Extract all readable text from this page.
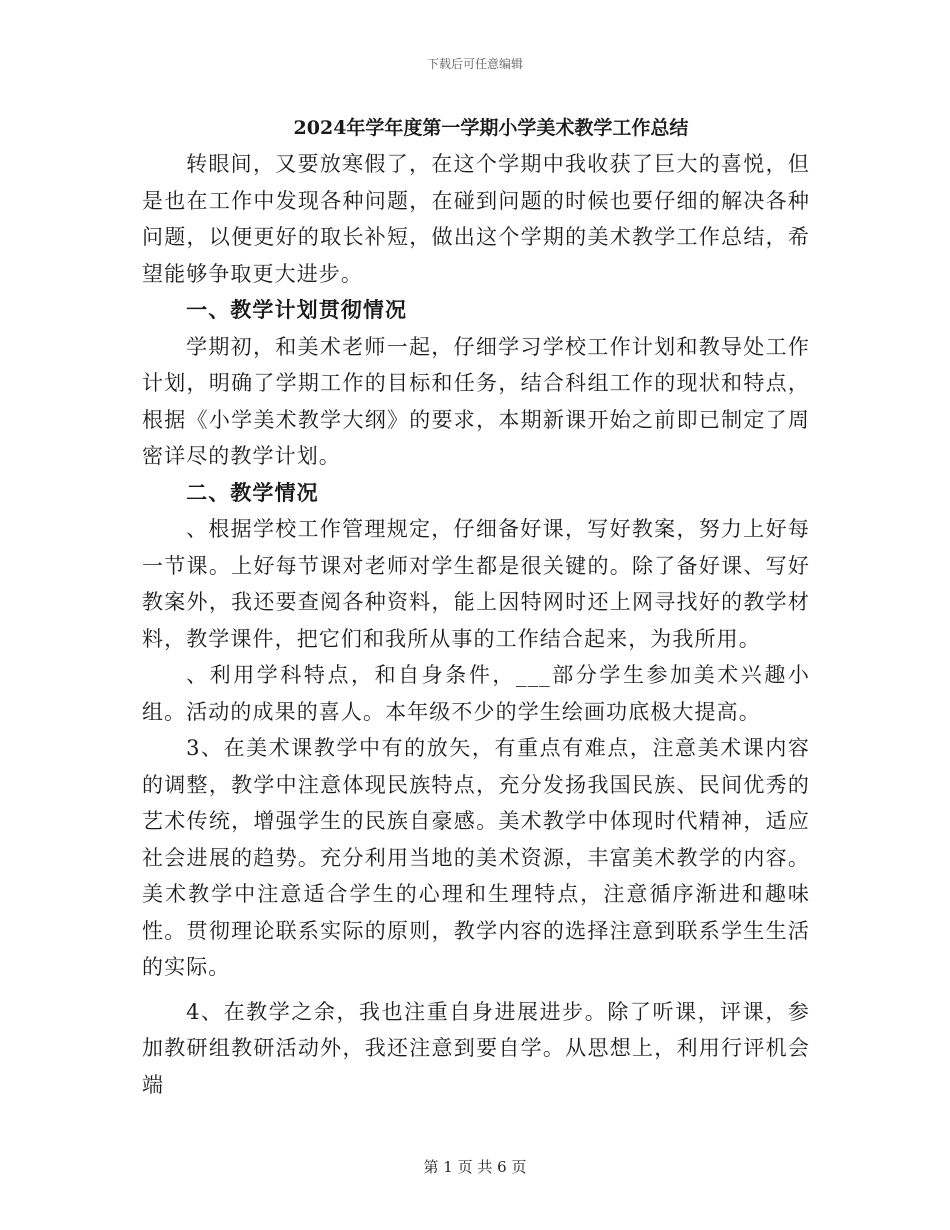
下载后可任意编辑
2024年学年度第一学期小学美术教学工作总结

转眼间，又要放寒假了，在这个学期中我收获了巨大的喜悦，但是也在工作中发现各种问题，在碰到问题的时候也要仔细的解决各种问题，以便更好的取长补短，做出这个学期的美术教学工作总结，希望能够争取更大进步。

一、教学计划贯彻情况

学期初，和美术老师一起，仔细学习学校工作计划和教导处工作计划，明确了学期工作的目标和任务，结合科组工作的现状和特点，根据《小学美术教学大纲》的要求，本期新课开始之前即已制定了周密详尽的教学计划。

二、教学情况

、根据学校工作管理规定，仔细备好课，写好教案，努力上好每一节课。上好每节课对老师对学生都是很关键的。除了备好课、写好教案外，我还要查阅各种资料，能上因特网时还上网寻找好的教学材料，教学课件，把它们和我所从事的工作结合起来，为我所用。

、利用学科特点，和自身条件，___部分学生参加美术兴趣小组。活动的成果的喜人。本年级不少的学生绘画功底极大提高。

3、在美术课教学中有的放矢，有重点有难点，注意美术课内容的调整，教学中注意体现民族特点，充分发扬我国民族、民间优秀的艺术传统，增强学生的民族自豪感。美术教学中体现时代精神，适应社会进展的趋势。充分利用当地的美术资源，丰富美术教学的内容。美术教学中注意适合学生的心理和生理特点，注意循序渐进和趣味性。贯彻理论联系实际的原则，教学内容的选择注意到联系学生生活的实际。

4、在教学之余，我也注重自身进展进步。除了听课，评课，参加教研组教研活动外，我还注意到要自学。从思想上，利用行评机会端

第 1 页 共 6 页
